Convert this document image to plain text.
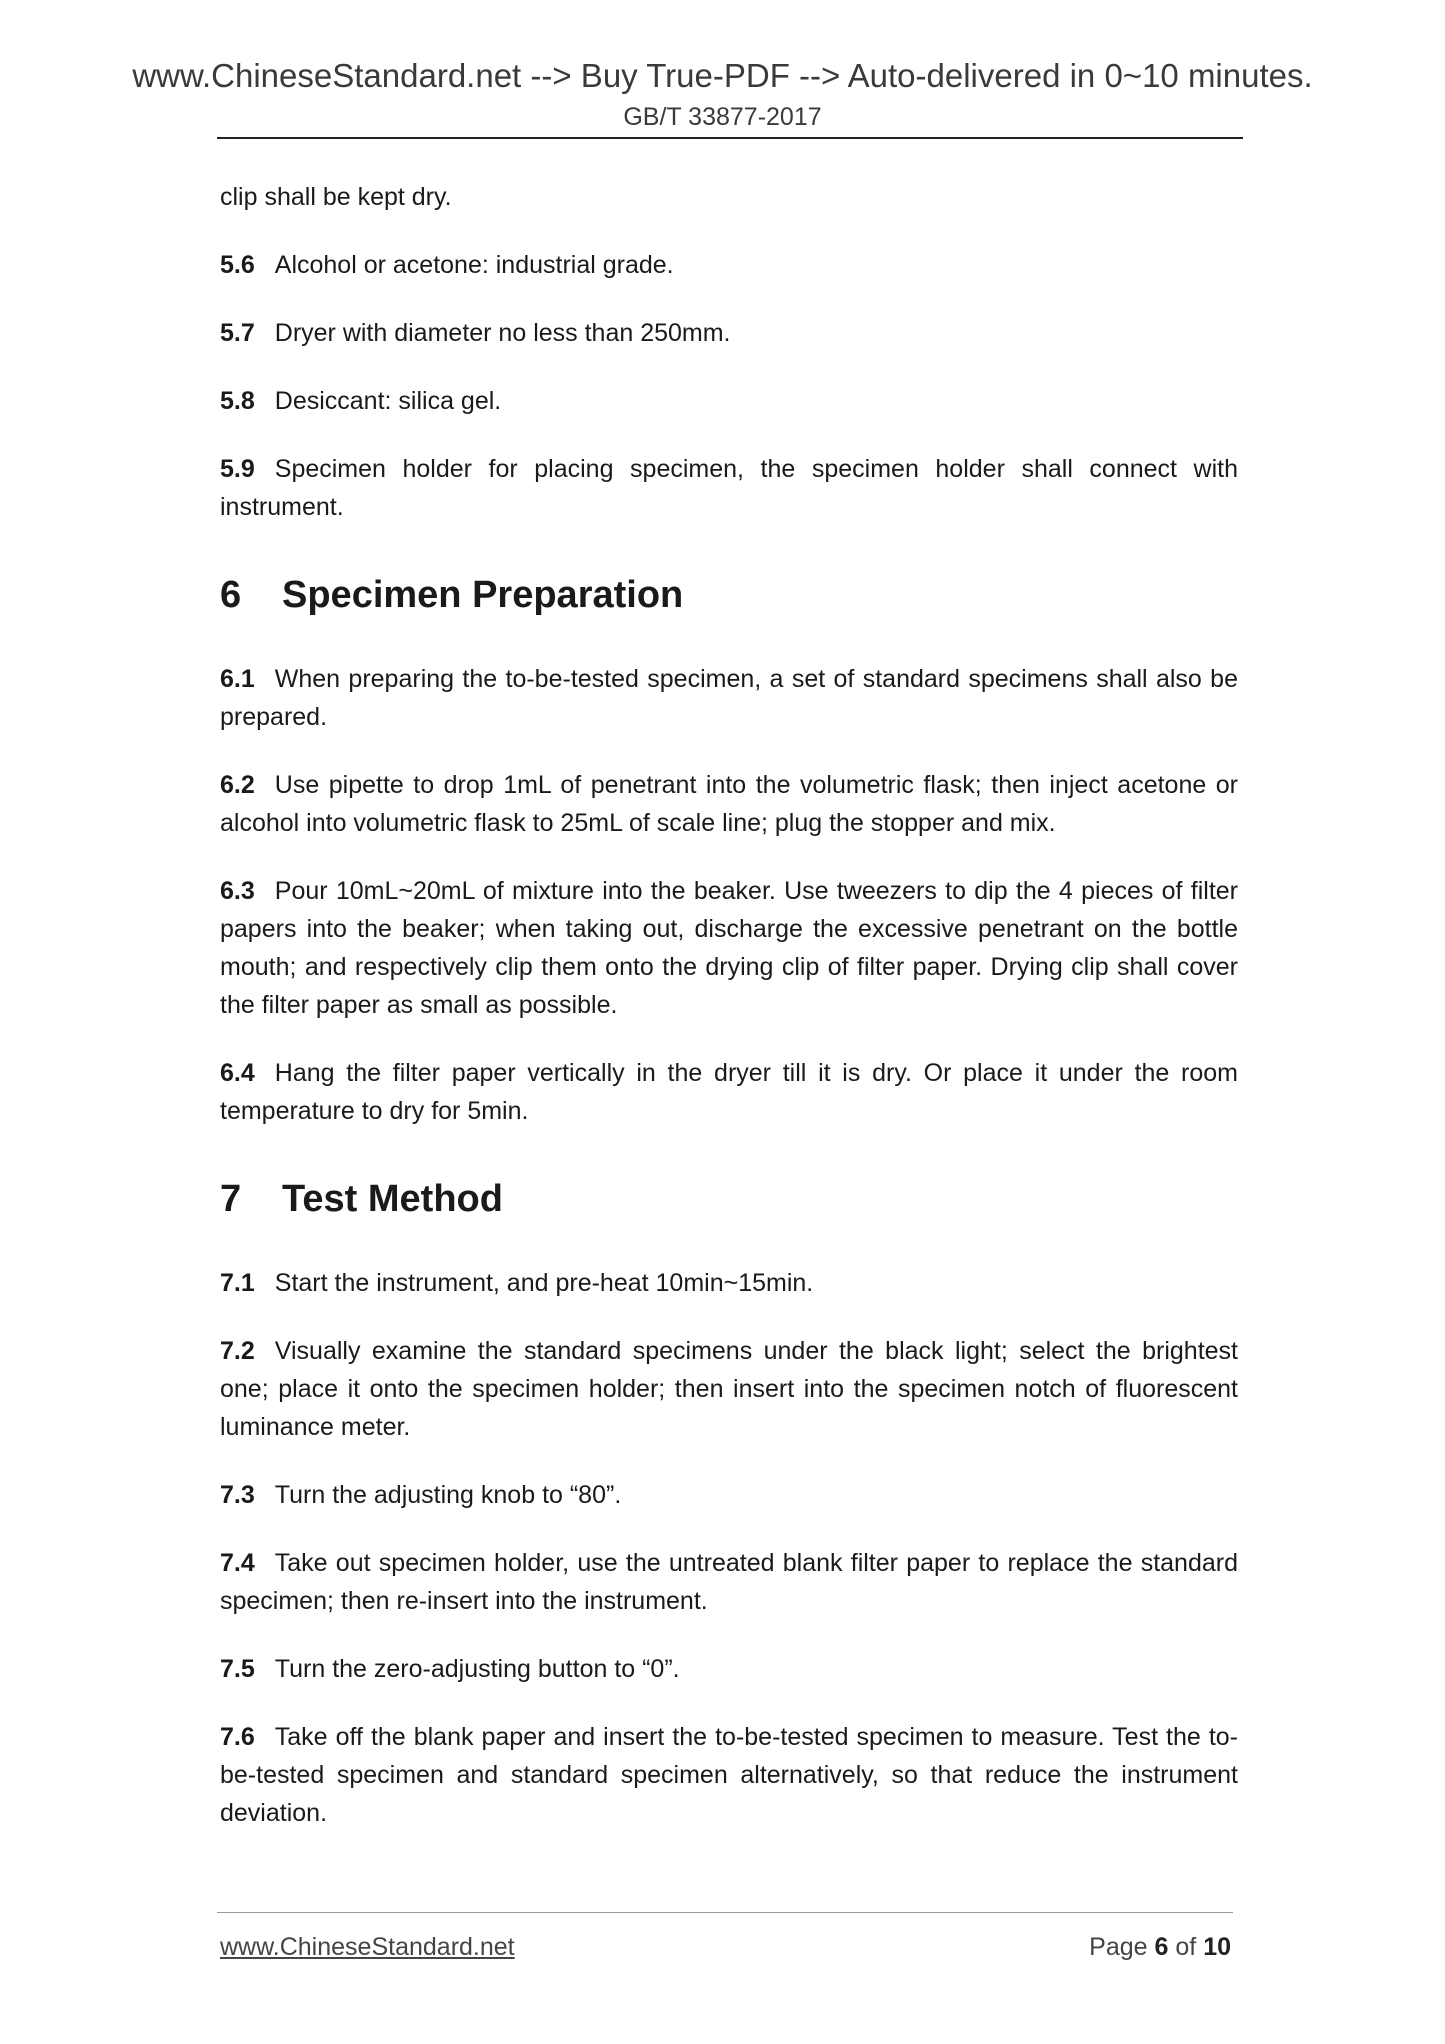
www.ChineseStandard.net --> Buy True-PDF --> Auto-delivered in 0~10 minutes.
GB/T 33877-2017

clip shall be kept dry.

5.6 Alcohol or acetone: industrial grade.

5.7 Dryer with diameter no less than 250mm.

5.8 Desiccant: silica gel.

5.9 Specimen holder for placing specimen, the specimen holder shall connect with instrument.

6 Specimen Preparation

6.1 When preparing the to-be-tested specimen, a set of standard specimens shall also be prepared.

6.2 Use pipette to drop 1mL of penetrant into the volumetric flask; then inject acetone or alcohol into volumetric flask to 25mL of scale line; plug the stopper and mix.

6.3 Pour 10mL~20mL of mixture into the beaker. Use tweezers to dip the 4 pieces of filter papers into the beaker; when taking out, discharge the excessive penetrant on the bottle mouth; and respectively clip them onto the drying clip of filter paper. Drying clip shall cover the filter paper as small as possible.

6.4 Hang the filter paper vertically in the dryer till it is dry. Or place it under the room temperature to dry for 5min.

7 Test Method

7.1 Start the instrument, and pre-heat 10min~15min.

7.2 Visually examine the standard specimens under the black light; select the brightest one; place it onto the specimen holder; then insert into the specimen notch of fluorescent luminance meter.

7.3 Turn the adjusting knob to “80”.

7.4 Take out specimen holder, use the untreated blank filter paper to replace the standard specimen; then re-insert into the instrument.

7.5 Turn the zero-adjusting button to “0”.

7.6 Take off the blank paper and insert the to-be-tested specimen to measure. Test the to-be-tested specimen and standard specimen alternatively, so that reduce the instrument deviation.

www.ChineseStandard.net	Page 6 of 10
